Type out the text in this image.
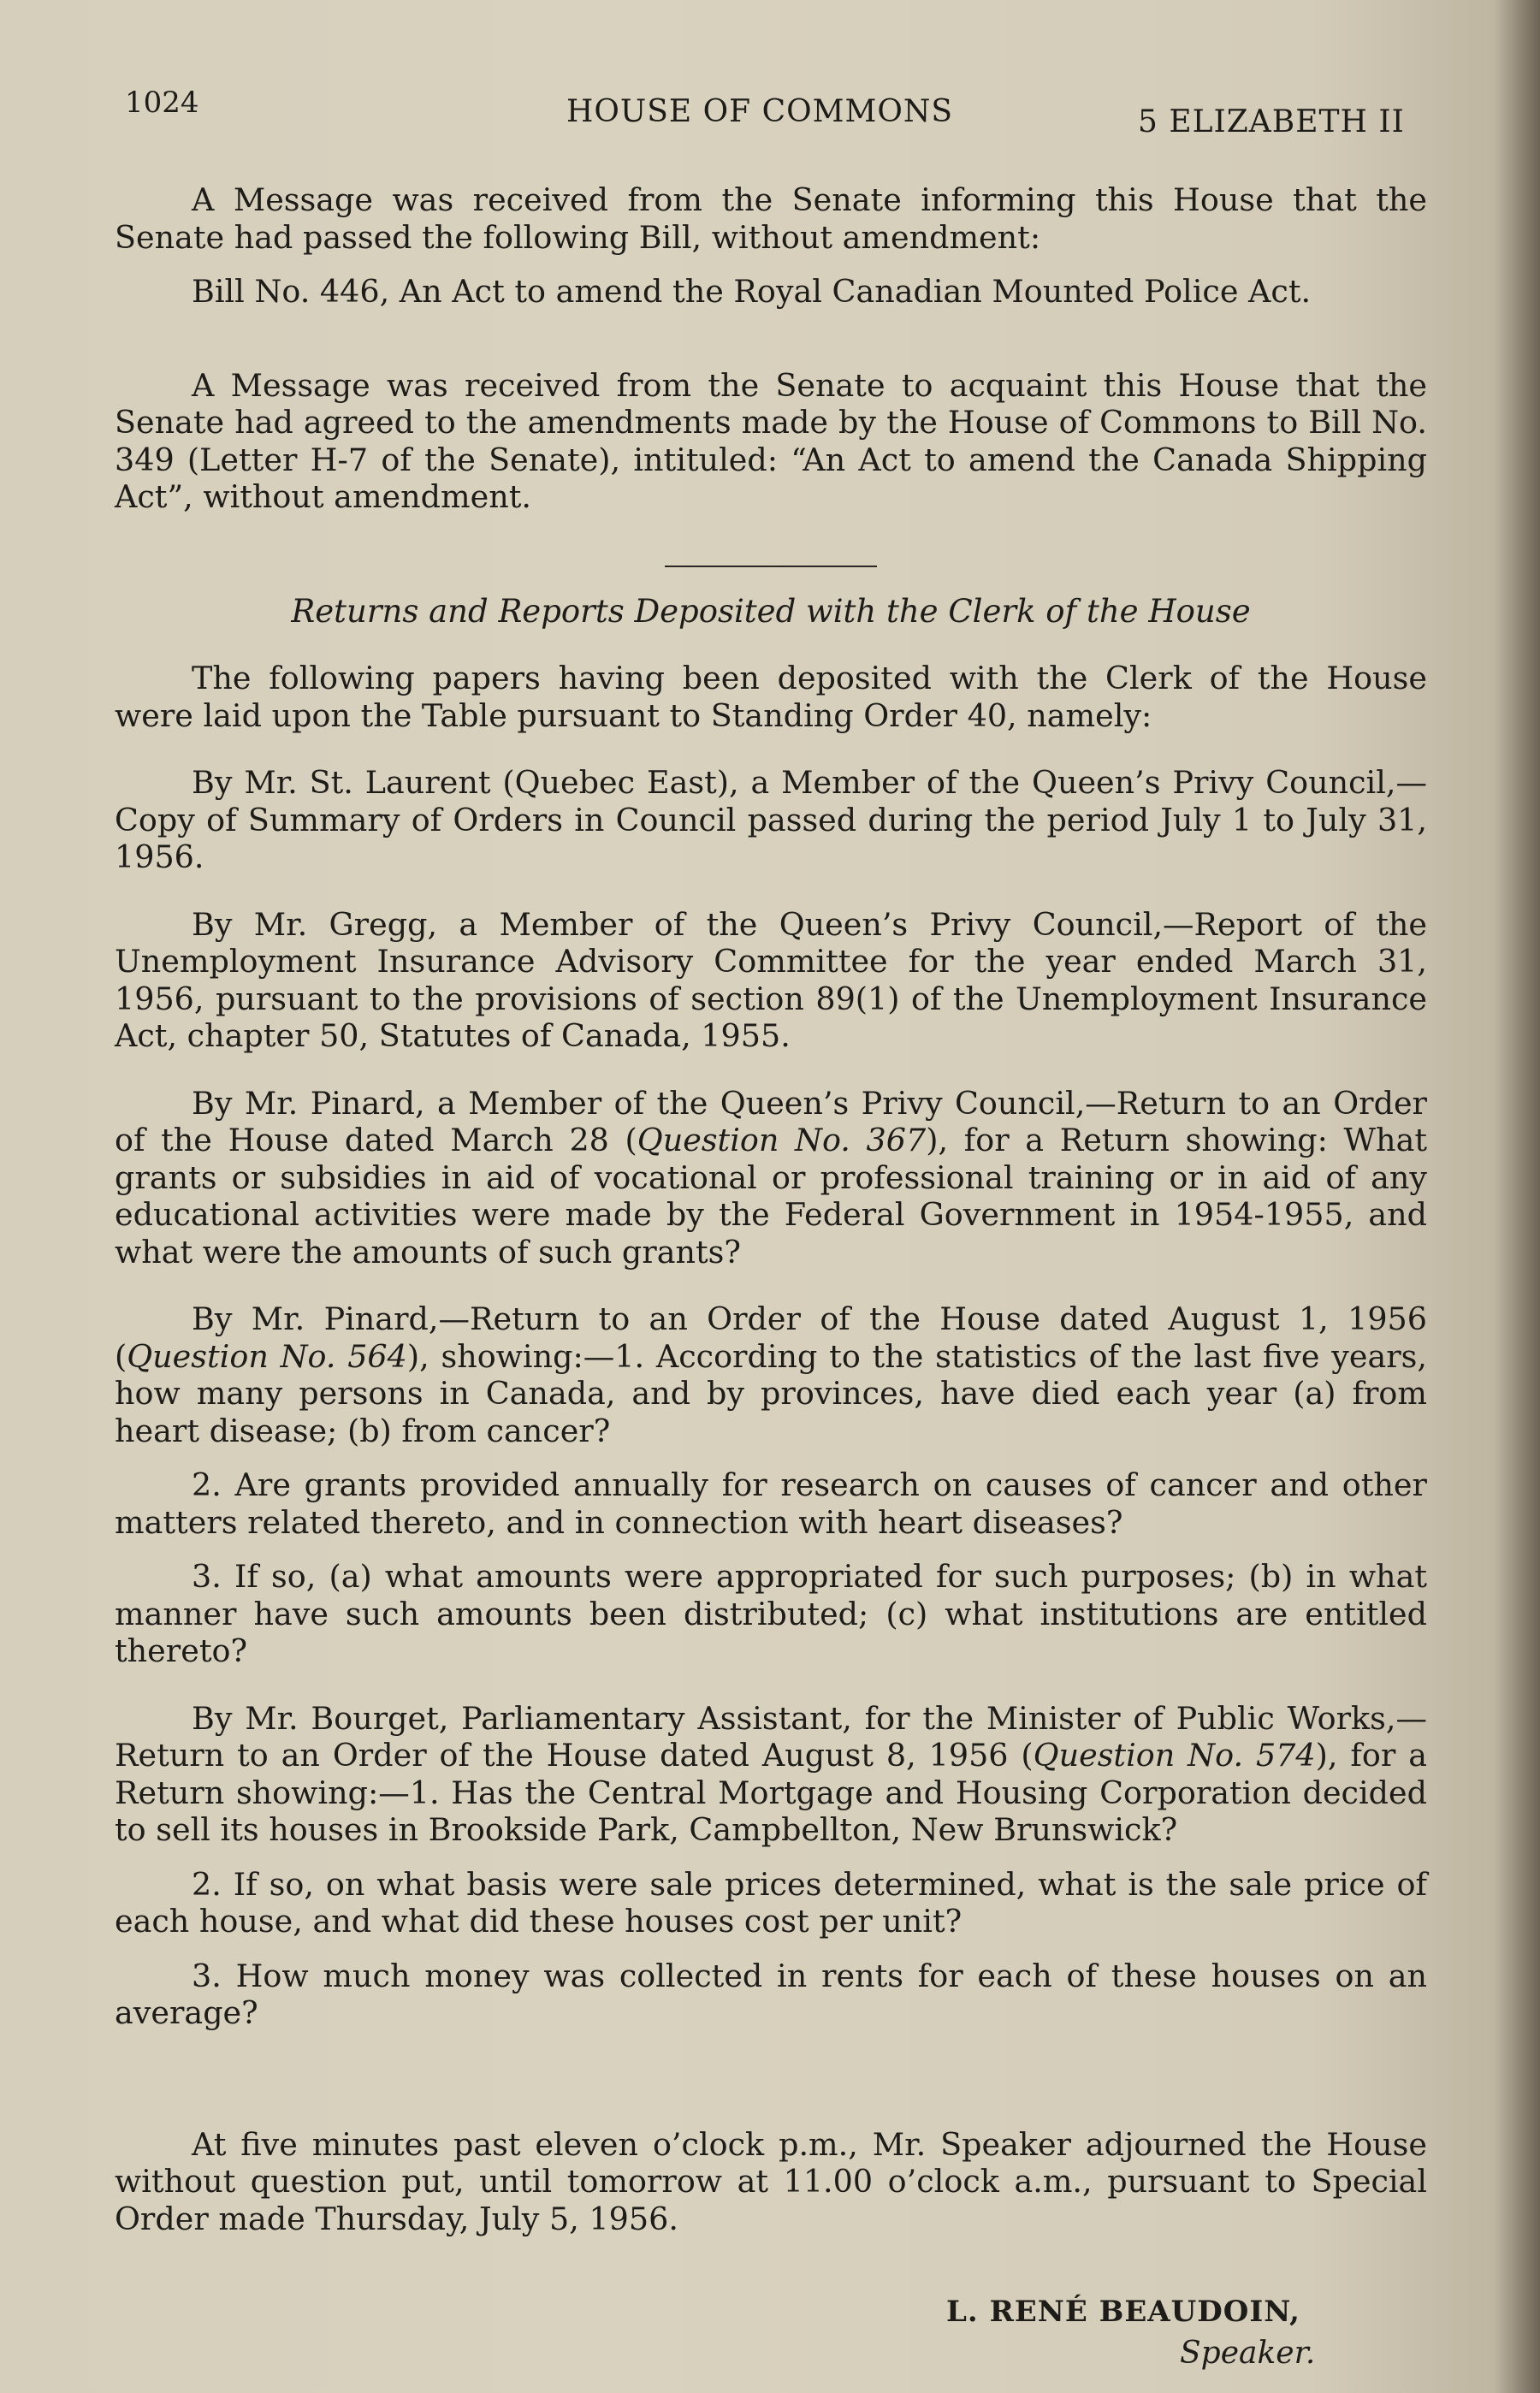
1024	HOUSE OF COMMONS	5 ELIZABETH II

A Message was received from the Senate informing this House that the Senate had passed the following Bill, without amendment:

Bill No. 446, An Act to amend the Royal Canadian Mounted Police Act.

A Message was received from the Senate to acquaint this House that the Senate had agreed to the amendments made by the House of Commons to Bill No. 349 (Letter H-7 of the Senate), intituled: “An Act to amend the Canada Shipping Act”, without amendment.

Returns and Reports Deposited with the Clerk of the House

The following papers having been deposited with the Clerk of the House were laid upon the Table pursuant to Standing Order 40, namely:

By Mr. St. Laurent (Quebec East), a Member of the Queen’s Privy Council,—Copy of Summary of Orders in Council passed during the period July 1 to July 31, 1956.

By Mr. Gregg, a Member of the Queen’s Privy Council,—Report of the Unemployment Insurance Advisory Committee for the year ended March 31, 1956, pursuant to the provisions of section 89(1) of the Unemployment Insurance Act, chapter 50, Statutes of Canada, 1955.

By Mr. Pinard, a Member of the Queen’s Privy Council,—Return to an Order of the House dated March 28 (Question No. 367), for a Return showing: What grants or subsidies in aid of vocational or professional training or in aid of any educational activities were made by the Federal Government in 1954-1955, and what were the amounts of such grants?

By Mr. Pinard,—Return to an Order of the House dated August 1, 1956 (Question No. 564), showing:—1. According to the statistics of the last five years, how many persons in Canada, and by provinces, have died each year (a) from heart disease; (b) from cancer?

2. Are grants provided annually for research on causes of cancer and other matters related thereto, and in connection with heart diseases?

3. If so, (a) what amounts were appropriated for such purposes; (b) in what manner have such amounts been distributed; (c) what institutions are entitled thereto?

By Mr. Bourget, Parliamentary Assistant, for the Minister of Public Works,—Return to an Order of the House dated August 8, 1956 (Question No. 574), for a Return showing:—1. Has the Central Mortgage and Housing Corporation decided to sell its houses in Brookside Park, Campbellton, New Brunswick?

2. If so, on what basis were sale prices determined, what is the sale price of each house, and what did these houses cost per unit?

3. How much money was collected in rents for each of these houses on an average?

At five minutes past eleven o’clock p.m., Mr. Speaker adjourned the House without question put, until tomorrow at 11.00 o’clock a.m., pursuant to Special Order made Thursday, July 5, 1956.

L. RENÉ BEAUDOIN,
Speaker.
